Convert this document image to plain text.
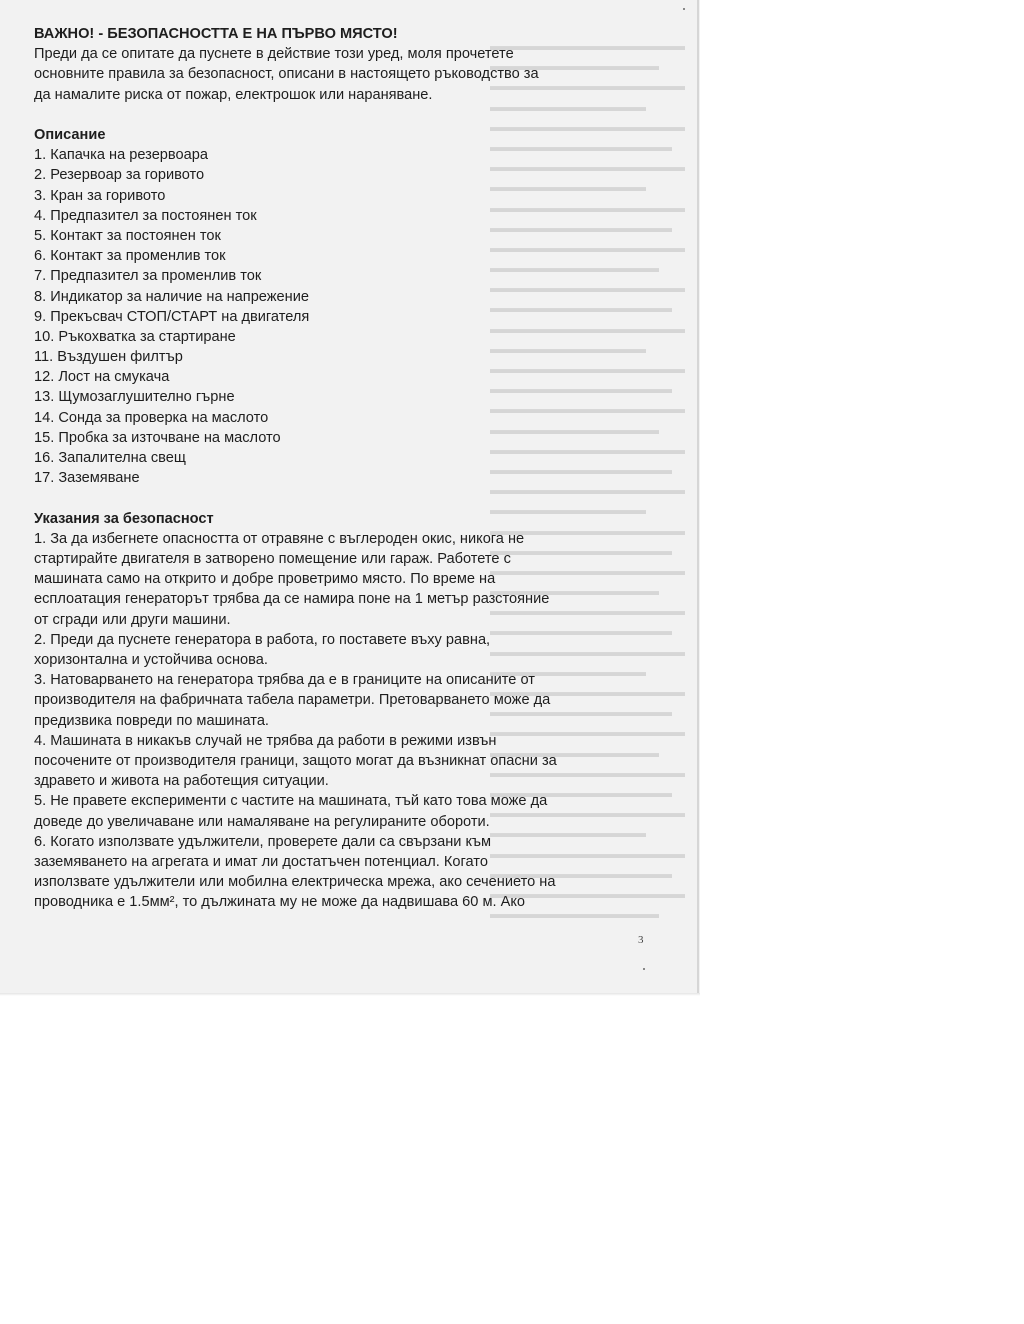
▬▬▬▬▬▬▬▬▬▬▬▬▬▬▬
▬▬▬▬▬▬▬▬▬▬▬▬▬
▬▬▬▬▬▬▬▬▬▬▬▬▬▬▬
▬▬▬▬▬▬▬▬▬▬▬▬
▬▬▬▬▬▬▬▬▬▬▬▬▬▬▬
▬▬▬▬▬▬▬▬▬▬▬▬▬▬
▬▬▬▬▬▬▬▬▬▬▬▬▬▬▬
▬▬▬▬▬▬▬▬▬▬▬▬
▬▬▬▬▬▬▬▬▬▬▬▬▬▬▬
▬▬▬▬▬▬▬▬▬▬▬▬▬▬
▬▬▬▬▬▬▬▬▬▬▬▬▬▬▬
▬▬▬▬▬▬▬▬▬▬▬▬▬
▬▬▬▬▬▬▬▬▬▬▬▬▬▬▬
▬▬▬▬▬▬▬▬▬▬▬▬▬▬
▬▬▬▬▬▬▬▬▬▬▬▬▬▬▬
▬▬▬▬▬▬▬▬▬▬▬▬
▬▬▬▬▬▬▬▬▬▬▬▬▬▬▬
▬▬▬▬▬▬▬▬▬▬▬▬▬▬
▬▬▬▬▬▬▬▬▬▬▬▬▬▬▬
▬▬▬▬▬▬▬▬▬▬▬▬▬
▬▬▬▬▬▬▬▬▬▬▬▬▬▬▬
▬▬▬▬▬▬▬▬▬▬▬▬▬▬
▬▬▬▬▬▬▬▬▬▬▬▬▬▬▬
▬▬▬▬▬▬▬▬▬▬▬▬
▬▬▬▬▬▬▬▬▬▬▬▬▬▬▬
▬▬▬▬▬▬▬▬▬▬▬▬▬▬
▬▬▬▬▬▬▬▬▬▬▬▬▬▬▬
▬▬▬▬▬▬▬▬▬▬▬▬▬
▬▬▬▬▬▬▬▬▬▬▬▬▬▬▬
▬▬▬▬▬▬▬▬▬▬▬▬▬▬
▬▬▬▬▬▬▬▬▬▬▬▬▬▬▬
▬▬▬▬▬▬▬▬▬▬▬▬
▬▬▬▬▬▬▬▬▬▬▬▬▬▬▬
▬▬▬▬▬▬▬▬▬▬▬▬▬▬
▬▬▬▬▬▬▬▬▬▬▬▬▬▬▬
▬▬▬▬▬▬▬▬▬▬▬▬▬
▬▬▬▬▬▬▬▬▬▬▬▬▬▬▬
▬▬▬▬▬▬▬▬▬▬▬▬▬▬
▬▬▬▬▬▬▬▬▬▬▬▬▬▬▬
▬▬▬▬▬▬▬▬▬▬▬▬
▬▬▬▬▬▬▬▬▬▬▬▬▬▬▬
▬▬▬▬▬▬▬▬▬▬▬▬▬▬
▬▬▬▬▬▬▬▬▬▬▬▬▬▬▬
▬▬▬▬▬▬▬▬▬▬▬▬▬
ВАЖНО! - БЕЗОПАСНОСТТА Е НА ПЪРВО МЯСТО!
Преди да се опитате да пуснете в действие този уред, моля прочетете
основните правила за безопасност, описани в настоящето ръководство за
да намалите риска от пожар, електрошок или нараняване.
Описание
1. Капачка на резервоара
2. Резервоар за горивото
3. Кран за горивото
4. Предпазител за постоянен ток
5. Контакт за постоянен ток
6. Контакт за променлив ток
7. Предпазител за променлив ток
8. Индикатор за наличие на напрежение
9. Прекъсвач СТОП/СТАРТ на двигателя
10. Ръкохватка за стартиране
11. Въздушен филтър
12. Лост на смукача
13. Щумозаглушително гърне
14. Сонда за проверка на маслото
15. Пробка за източване на маслото
16. Запалителна свещ
17. Заземяване
Указания за безопасност
1. За да избегнете опасността от отравяне с въглероден окис, никога не
стартирайте двигателя в затворено помещение или гараж. Работете с
машината само на открито и добре проветримо място. По време на
есплоатация генераторът трябва да се намира поне на 1 метър разстояние
от сгради или други машини.
2. Преди да пуснете генератора в работа, го поставете въху равна,
хоризонтална и устойчива основа.
3. Натоварването на генератора трябва да е в границите на описаните от
производителя на фабричната табела параметри. Претоварването може да
предизвика повреди по машината.
4. Машината в никакъв случай не трябва да работи в режими извън
посочените от производителя граници, защото могат да възникнат опасни за
здравето и живота на работещия ситуации.
5. Не правете експерименти с частите на машината, тъй като това може да
доведе до увеличаване или намаляване на регулираните обороти.
6. Когато използвате удължители, проверете дали са свързани към
заземяването на агрегата и имат ли достатъчен потенциал. Когато
използвате удължители или мобилна електрическа мрежа, ако сечението на
проводника е 1.5мм², то дължината му не може да надвишава 60 м. Ако
3
